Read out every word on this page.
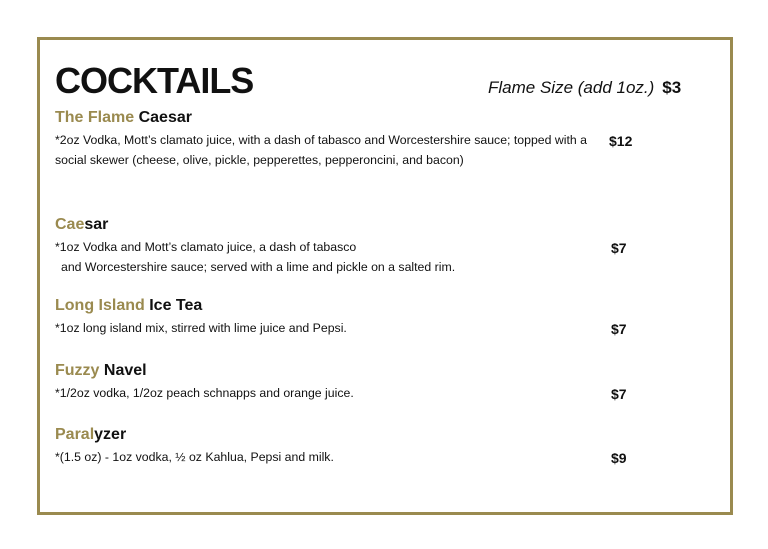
COCKTAILS	Flame Size (add 1oz.) $3
The Flame Caesar
*2oz Vodka, Mott’s clamato juice, with a dash of tabasco and Worcestershire sauce; topped with a social skewer (cheese, olive, pickle, pepperettes, pepperoncini, and bacon)
$12
Caesar
*1oz Vodka and Mott’s clamato juice, a dash of tabasco
and Worcestershire sauce; served with a lime and pickle on a salted rim.
$7
Long Island Ice Tea
*1oz long island mix, stirred with lime juice and Pepsi.	$7
Fuzzy Navel
*1/2oz vodka, 1/2oz peach schnapps and orange juice.	$7
Paralyzer
*(1.5 oz) - 1oz vodka, ½ oz Kahlua, Pepsi and milk.	$9
